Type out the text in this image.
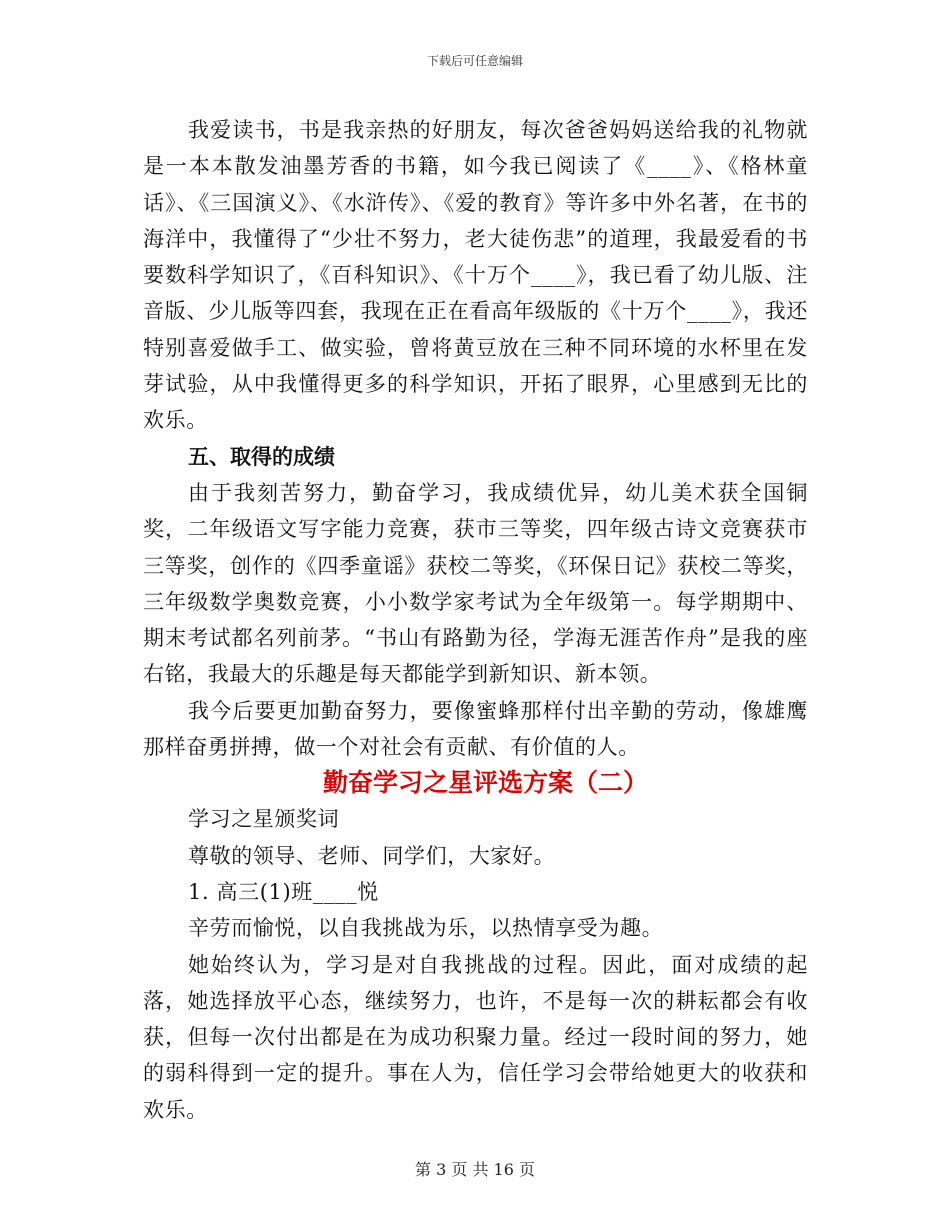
下载后可任意编辑

我爱读书，书是我亲热的好朋友，每次爸爸妈妈送给我的礼物就是一本本散发油墨芳香的书籍，如今我已阅读了《____》、《格林童话》、《三国演义》、《水浒传》、《爱的教育》等许多中外名著，在书的海洋中，我懂得了“少壮不努力，老大徒伤悲”的道理，我最爱看的书要数科学知识了，《百科知识》、《十万个____》，我已看了幼儿版、注音版、少儿版等四套，我现在正在看高年级版的《十万个____》，我还特别喜爱做手工、做实验，曾将黄豆放在三种不同环境的水杯里在发芽试验，从中我懂得更多的科学知识，开拓了眼界，心里感到无比的欢乐。

五、取得的成绩

由于我刻苦努力，勤奋学习，我成绩优异，幼儿美术获全国铜奖，二年级语文写字能力竞赛，获市三等奖，四年级古诗文竞赛获市三等奖，创作的《四季童谣》获校二等奖，《环保日记》获校二等奖，三年级数学奥数竞赛，小小数学家考试为全年级第一。每学期期中、期末考试都名列前茅。“书山有路勤为径，学海无涯苦作舟”是我的座右铭，我最大的乐趣是每天都能学到新知识、新本领。

我今后要更加勤奋努力，要像蜜蜂那样付出辛勤的劳动，像雄鹰那样奋勇拼搏，做一个对社会有贡献、有价值的人。

勤奋学习之星评选方案（二）

学习之星颁奖词

尊敬的领导、老师、同学们，大家好。

1. 高三(1)班____悦

辛劳而愉悦，以自我挑战为乐，以热情享受为趣。

她始终认为，学习是对自我挑战的过程。因此，面对成绩的起落，她选择放平心态，继续努力，也许，不是每一次的耕耘都会有收获，但每一次付出都是在为成功积聚力量。经过一段时间的努力，她的弱科得到一定的提升。事在人为，信任学习会带给她更大的收获和欢乐。

第 3 页 共 16 页
